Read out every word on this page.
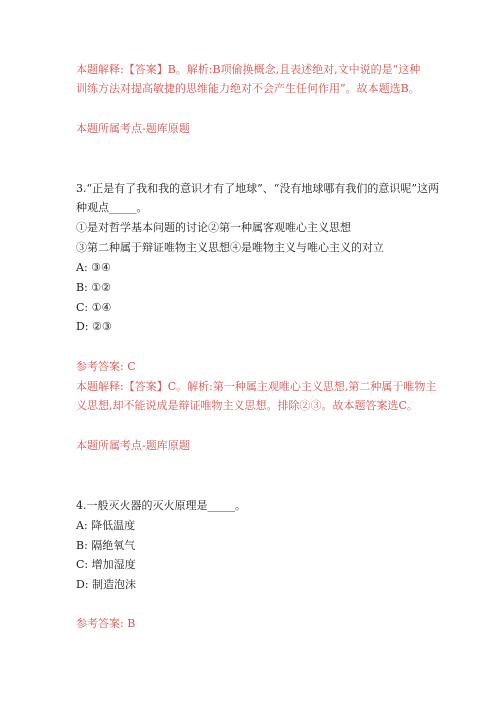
本题解释:【答案】B。解析:B项偷换概念,且表述绝对,文中说的是“这种
训练方法对提高敏捷的思维能力绝对不会产生任何作用”。故本题选B。
本题所属考点-题库原题
3.“正是有了我和我的意识才有了地球”、“没有地球哪有我们的意识呢”这两
种观点_____。
①是对哲学基本问题的讨论②第一种属客观唯心主义思想
③第二种属于辩证唯物主义思想④是唯物主义与唯心主义的对立
A: ③④
B: ①②
C: ①④
D: ②③
参考答案: C
本题解释:【答案】C。解析:第一种属主观唯心主义思想,第二种属于唯物主
义思想,却不能说成是辩证唯物主义思想。排除②③。故本题答案选C。
本题所属考点-题库原题
4.一般灭火器的灭火原理是_____。
A: 降低温度
B: 隔绝氧气
C: 增加湿度
D: 制造泡沫
参考答案: B
